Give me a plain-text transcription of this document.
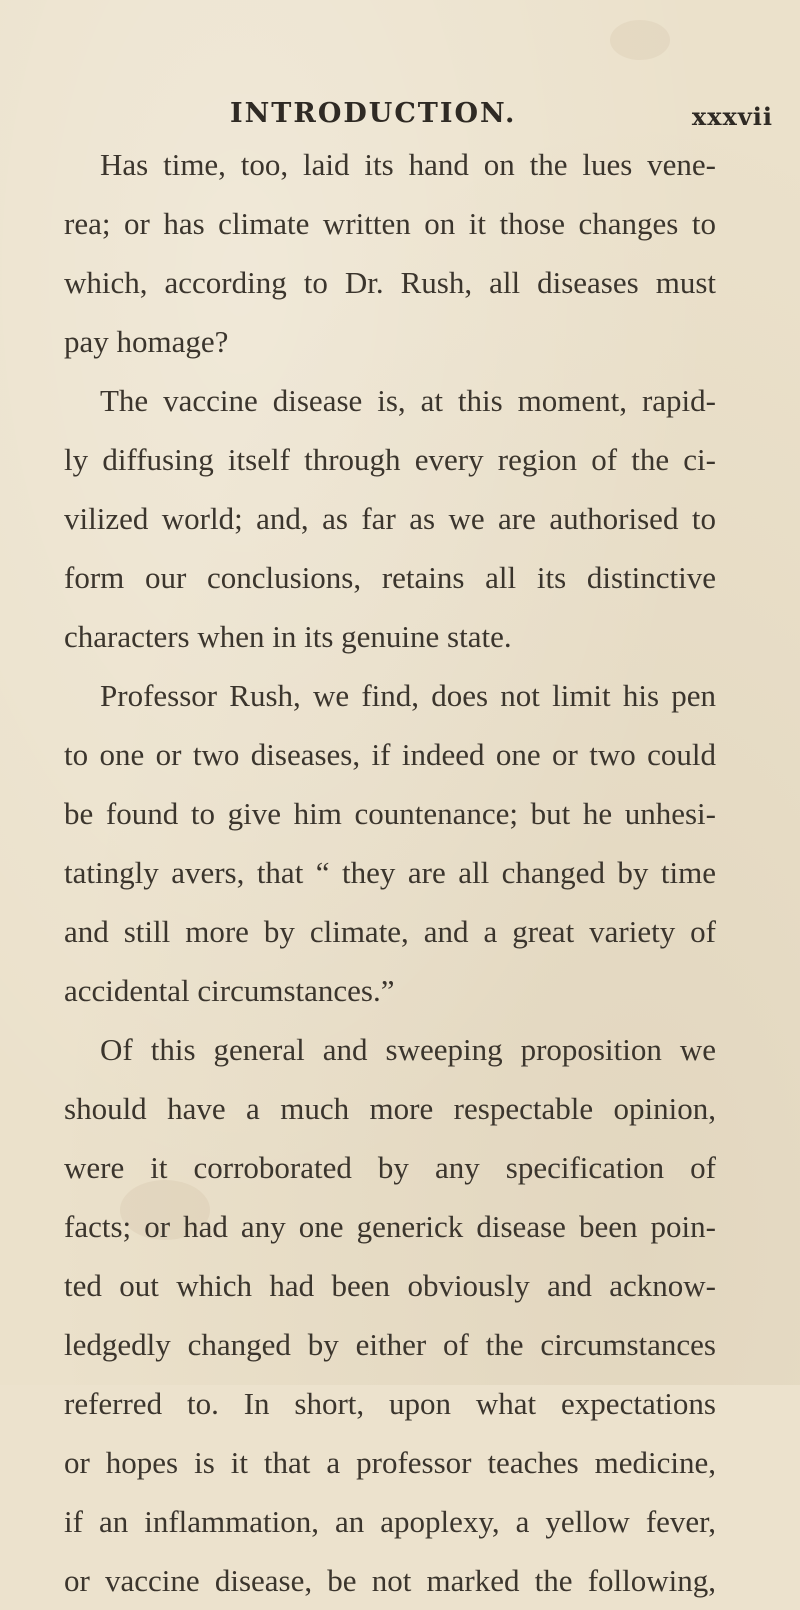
INTRODUCTION.	xxxvii
Has time, too, laid its hand on the lues vene-
rea; or has climate written on it those changes to
which, according to Dr. Rush, all diseases must
pay homage?
The vaccine disease is, at this moment, rapid-
ly diffusing itself through every region of the ci-
vilized world; and, as far as we are authorised to
form our conclusions, retains all its distinctive
characters when in its genuine state.
Professor Rush, we find, does not limit his pen
to one or two diseases, if indeed one or two could
be found to give him countenance; but he unhesi-
tatingly avers, that “ they are all changed by time
and still more by climate, and a great variety of
accidental circumstances.”
Of this general and sweeping proposition we
should have a much more respectable opinion,
were it corroborated by any specification of
facts; or had any one generick disease been poin-
ted out which had been obviously and acknow-
ledgedly changed by either of the circumstances
referred to. In short, upon what expectations
or hopes is it that a professor teaches medicine,
if an inflammation, an apoplexy, a yellow fever,
or vaccine disease, be not marked the following,
